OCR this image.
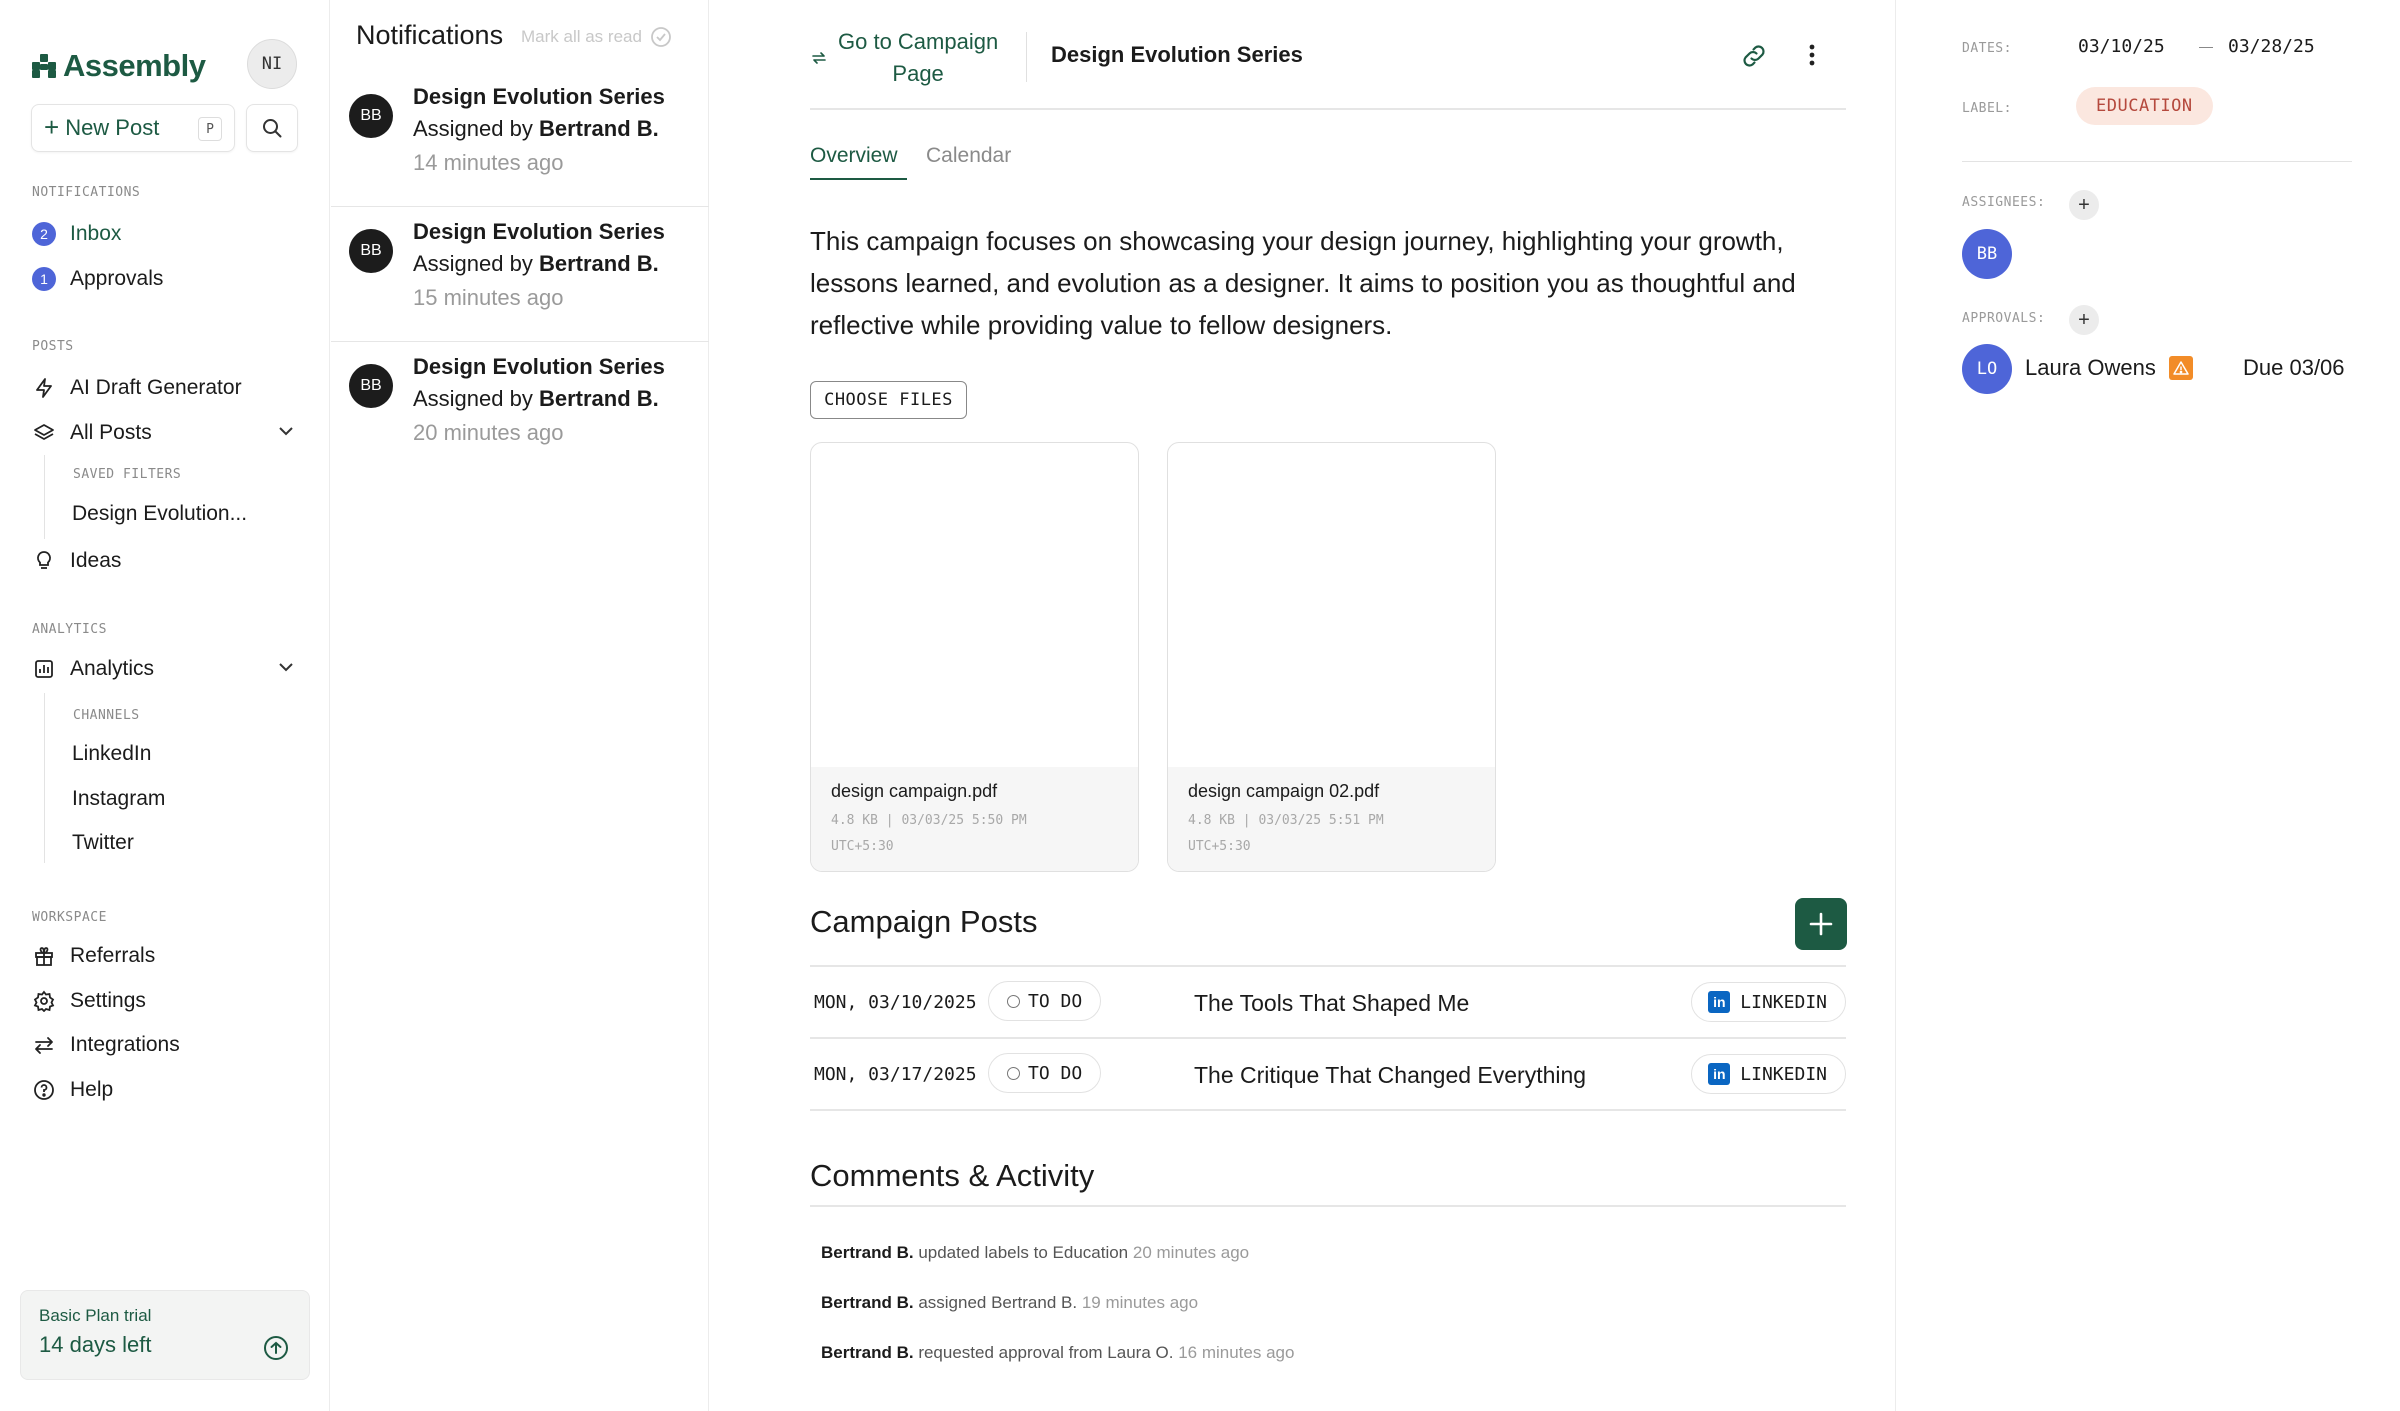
Assembly	NI
+ New Post	P
NOTIFICATIONS
2	Inbox
1	Approvals
POSTS
AI Draft Generator
All Posts
SAVED FILTERS
Design Evolution...
Ideas
ANALYTICS
Analytics
CHANNELS
LinkedIn
Instagram
Twitter
WORKSPACE
Referrals
Settings
Integrations
Help
Basic Plan trial
14 days left
Notifications Mark all as read
BB
Design Evolution Series
Assigned by Bertrand B.
14 minutes ago
BB
Design Evolution Series
Assigned by Bertrand B.
15 minutes ago
BB
Design Evolution Series
Assigned by Bertrand B.
20 minutes ago
Go to Campaign
Page
Design Evolution Series
Overview Calendar
This campaign focuses on showcasing your design journey, highlighting your growth, lessons learned, and evolution as a designer. It aims to position you as thoughtful and reflective while providing value to fellow designers.
CHOOSE FILES
design campaign.pdf
4.8 KB | 03/03/25 5:50 PM
UTC+5:30
design campaign 02.pdf
4.8 KB | 03/03/25 5:51 PM
UTC+5:30
Campaign Posts
MON, 03/10/2025	TO DO	The Tools That Shaped Me	in LINKEDIN
MON, 03/17/2025	TO DO	The Critique That Changed Everything	in LINKEDIN
Comments & Activity
Bertrand B. updated labels to Education 20 minutes ago
Bertrand B. assigned Bertrand B. 19 minutes ago
Bertrand B. requested approval from Laura O. 16 minutes ago
DATES:	03/10/25	03/28/25
LABEL:	EDUCATION
ASSIGNEES:	+
BB
APPROVALS:	+
LO	Laura Owens	Due 03/06
